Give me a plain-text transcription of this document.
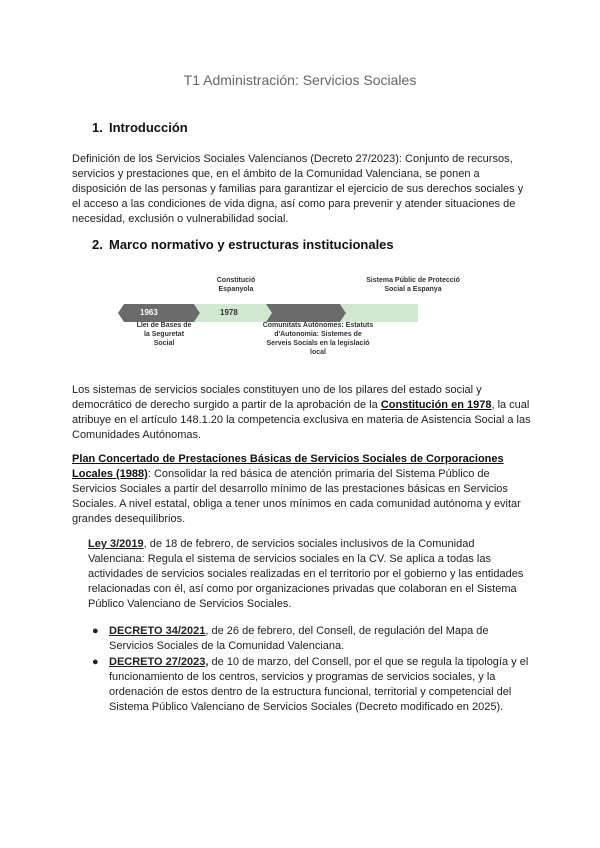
T1 Administración: Servicios Sociales
1. Introducción
Definición de los Servicios Sociales Valencianos (Decreto 27/2023): Conjunto de recursos, servicios y prestaciones que, en el ámbito de la Comunidad Valenciana, se ponen a disposición de las personas y familias para garantizar el ejercicio de sus derechos sociales y el acceso a las condiciones de vida digna, así como para prevenir y atender situaciones de necesidad, exclusión o vulnerabilidad social.
2. Marco normativo y estructuras institucionales
Constitució Espanyola
Sistema Públic de Protecció Social a Espanya
1963	1978
Llei de Bases de la Seguretat Social
Comunitats Autònomes: Estatuts d'Autonomia: Sistemes de Serveis Socials en la legislació local
Los sistemas de servicios sociales constituyen uno de los pilares del estado social y democrático de derecho surgido a partir de la aprobación de la Constitución en 1978, la cual atribuye en el artículo 148.1.20 la competencia exclusiva en materia de Asistencia Social a las Comunidades Autónomas.
Plan Concertado de Prestaciones Básicas de Servicios Sociales de Corporaciones Locales (1988): Consolidar la red básica de atención primaria del Sistema Público de Servicios Sociales a partir del desarrollo mínimo de las prestaciones básicas en Servicios Sociales. A nivel estatal, obliga a tener unos mínimos en cada comunidad autónoma y evitar grandes desequilibrios.
Ley 3/2019, de 18 de febrero, de servicios sociales inclusivos de la Comunidad Valenciana: Regula el sistema de servicios sociales en la CV. Se aplica a todas las actividades de servicios sociales realizadas en el territorio por el gobierno y las entidades relacionadas con él, así como por organizaciones privadas que colaboran en el Sistema Público Valenciano de Servicios Sociales.
● DECRETO 34/2021, de 26 de febrero, del Consell, de regulación del Mapa de Servicios Sociales de la Comunidad Valenciana.
● DECRETO 27/2023, de 10 de marzo, del Consell, por el que se regula la tipología y el funcionamiento de los centros, servicios y programas de servicios sociales, y la ordenación de estos dentro de la estructura funcional, territorial y competencial del Sistema Público Valenciano de Servicios Sociales (Decreto modificado en 2025).
